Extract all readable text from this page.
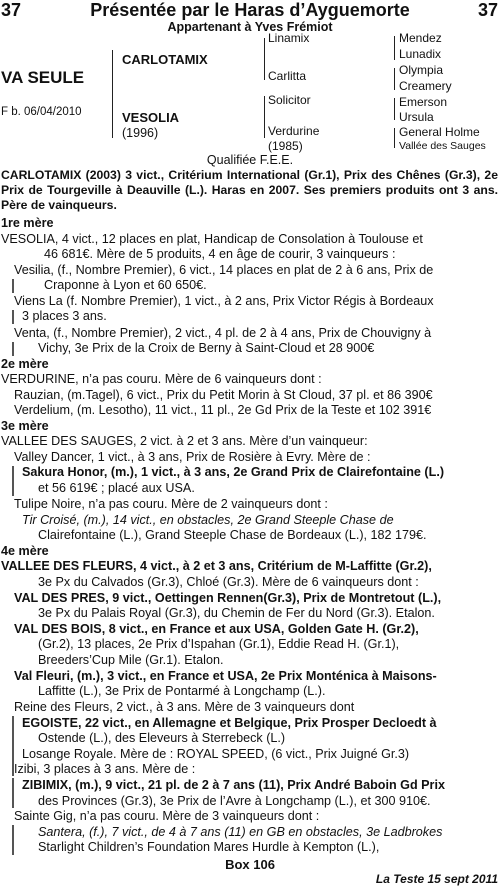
37	Présentée par le Haras d’Ayguemorte	37
Appartenant à Yves Frémiot
VA SEULE
F b. 06/04/2010
CARLOTAMIX
VESOLIA
(1996)
Linamix
Carlitta
Solicitor
Verdurine
(1985)
Mendez
Lunadix
Olympia
Creamery
Emerson
Ursula
General Holme
Vallée des Sauges
Qualifiée F.E.E.
CARLOTAMIX (2003) 3 vict., Critérium International (Gr.1), Prix des Chênes (Gr.3), 2e Prix de Tourgeville à Deauville (L.). Haras en 2007. Ses premiers produits ont 3 ans. Père de vainqueurs.
1re mère
VESOLIA, 4 vict., 12 places en plat, Handicap de Consolation à Toulouse et
46 681€. Mère de 5 produits, 4 en âge de courir, 3 vainqueurs :
Vesilia, (f., Nombre Premier), 6 vict., 14 places en plat de 2 à 6 ans, Prix de
Craponne à Lyon et 60 650€.
Viens La (f. Nombre Premier), 1 vict., à 2 ans, Prix Victor Régis à Bordeaux
3 places 3 ans.
Venta, (f., Nombre Premier), 2 vict., 4 pl. de 2 à 4 ans, Prix de Chouvigny à
Vichy, 3e Prix de la Croix de Berny à Saint-Cloud et 28 900€
2e mère
VERDURINE, n’a pas couru. Mère de 6 vainqueurs dont :
Rauzian, (m.Tagel), 6 vict., Prix du Petit Morin à St Cloud, 37 pl. et 86 390€
Verdelium, (m. Lesotho), 11 vict., 11 pl., 2e Gd Prix de la Teste et 102 391€
3e mère
VALLEE DES SAUGES, 2 vict. à 2 et 3 ans. Mère d’un vainqueur:
Valley Dancer, 1 vict., à 3 ans, Prix de Rosière à Evry. Mère de :
Sakura Honor, (m.), 1 vict., à 3 ans, 2e Grand Prix de Clairefontaine (L.)
et 56 619€ ; placé aux USA.
Tulipe Noire, n’a pas couru. Mère de 2 vainqueurs dont :
Tir Croisé, (m.), 14 vict., en obstacles, 2e Grand Steeple Chase de
Clairefontaine (L.), Grand Steeple Chase de Bordeaux (L.), 182 179€.
4e mère
VALLEE DES FLEURS, 4 vict., à 2 et 3 ans, Critérium de M-Laffitte (Gr.2),
3e Px du Calvados (Gr.3), Chloé (Gr.3). Mère de 6 vainqueurs dont :
VAL DES PRES, 9 vict., Oettingen Rennen(Gr.3), Prix de Montretout (L.),
3e Px du Palais Royal (Gr.3), du Chemin de Fer du Nord (Gr.3). Etalon.
VAL DES BOIS, 8 vict., en France et aux USA, Golden Gate H. (Gr.2),
(Gr.2), 13 places, 2e Prix d’Ispahan (Gr.1), Eddie Read H. (Gr.1),
Breeders’Cup Mile (Gr.1). Etalon.
Val Fleuri, (m.), 3 vict., en France et USA, 2e Prix Monténica à Maisons-
Laffitte (L.), 3e Prix de Pontarmé à Longchamp (L.).
Reine des Fleurs, 2 vict., à 3 ans. Mère de 3 vainqueurs dont
EGOISTE, 22 vict., en Allemagne et Belgique, Prix Prosper Decloedt à
Ostende (L.), des Eleveurs à Sterrebeck (L.)
Losange Royale. Mère de : ROYAL SPEED, (6 vict., Prix Juigné Gr.3)
Izibi, 3 places à 3 ans. Mère de :
ZIBIMIX, (m.), 9 vict., 21 pl. de 2 à 7 ans (11), Prix André Baboin Gd Prix
des Provinces (Gr.3), 3e Prix de l’Avre à Longchamp (L.), et 300 910€.
Sainte Gig, n’a pas couru. Mère de 3 vainqueurs dont :
Santera, (f.), 7 vict., de 4 à 7 ans (11) en GB en obstacles, 3e Ladbrokes
Starlight Children’s Foundation Mares Hurdle à Kempton (L.),
Box 106
La Teste 15 sept 2011
